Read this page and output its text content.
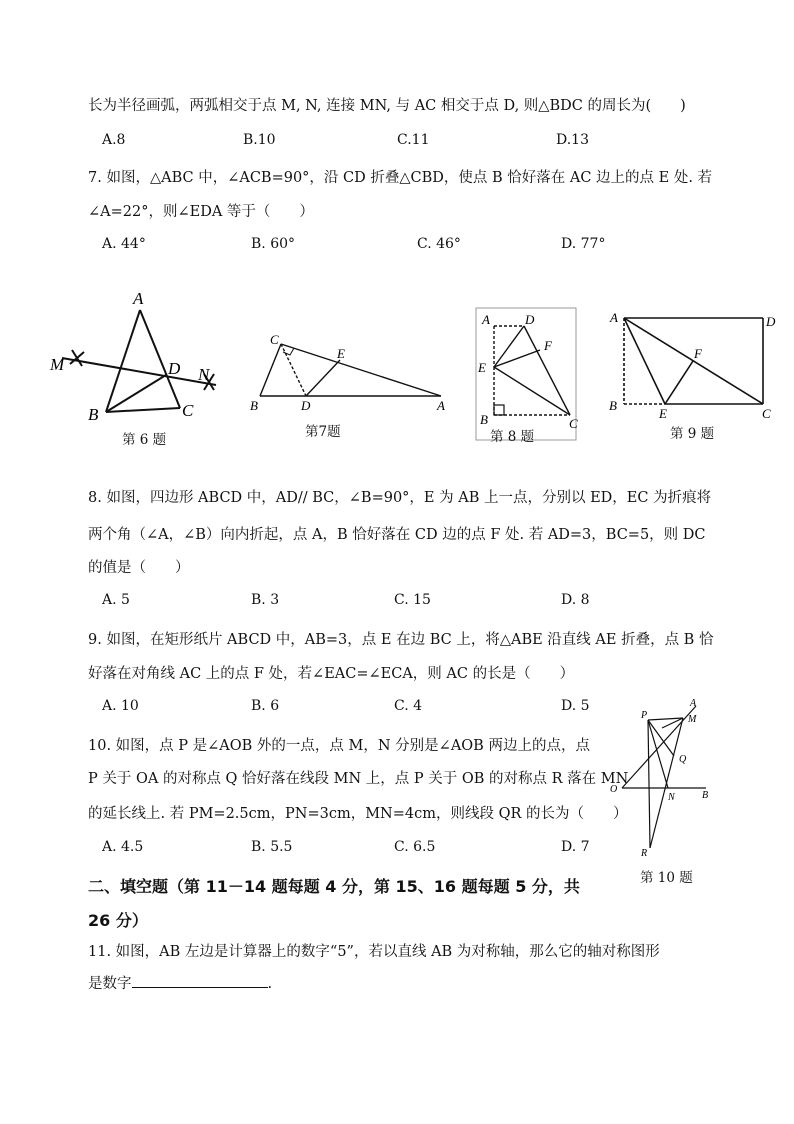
长为半径画弧，两弧相交于点 M, N, 连接 MN, 与 AC 相交于点 D, 则△BDC 的周长为(　　)
A.8	B.10	C.11	D.13
7. 如图，△ABC 中，∠ACB=90°，沿 CD 折叠△CBD，使点 B 恰好落在 AC 边上的点 E 处. 若
∠A=22°，则∠EDA 等于（　　）
A. 44°	B. 60°	C. 46°	D. 77°
A
M	D N
B	C
第 6 题
C
E
B	D	A
第7题
A	D
F
E
B	C
第 8 题
A	D
F
B
E	C
第 9 题
8. 如图，四边形 ABCD 中，AD// BC，∠B=90°，E 为 AB 上一点，分别以 ED，EC 为折痕将
两个角（∠A，∠B）向内折起，点 A，B 恰好落在 CD 边的点 F 处. 若 AD=3，BC=5，则 DC
的值是（　　）
A. 5	B. 3	C. 15	D. 8
9. 如图，在矩形纸片 ABCD 中，AB=3，点 E 在边 BC 上，将△ABE 沿直线 AE 折叠，点 B 恰
好落在对角线 AC 上的点 F 处，若∠EAC=∠ECA，则 AC 的长是（　　）
A. 10	B. 6	C. 4	D. 5
10. 如图，点 P 是∠AOB 外的一点，点 M，N 分别是∠AOB 两边上的点，点
P 关于 OA 的对称点 Q 恰好落在线段 MN 上，点 P 关于 OB 的对称点 R 落在 MN
的延长线上. 若 PM=2.5cm，PN=3cm，MN=4cm，则线段 QR 的长为（　　）
A. 4.5	B. 5.5	C. 6.5	D. 7
P
A
M
Q
O
N	B
R
第 10 题
二、填空题（第 11－14 题每题 4 分，第 15、16 题每题 5 分，共
26 分）
11. 如图，AB 左边是计算器上的数字“5”，若以直线 AB 为对称轴，那么它的轴对称图形
是数字	.
